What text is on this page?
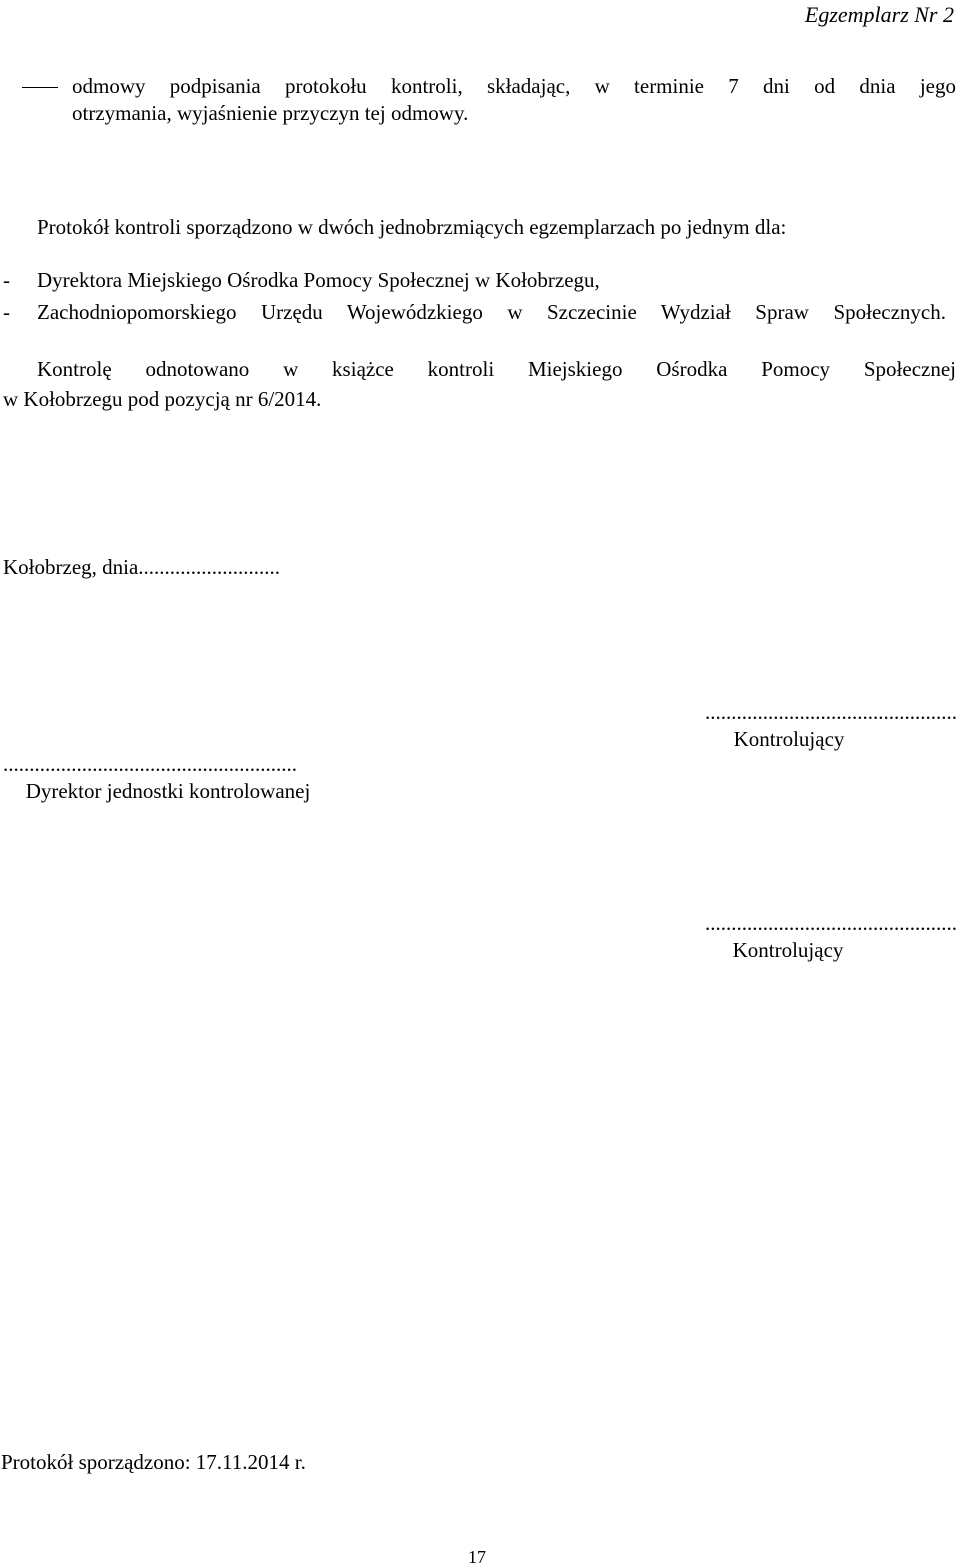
Egzemplarz Nr 2
odmowy podpisania protokołu kontroli, składając, w terminie 7 dni od dnia jego
otrzymania, wyjaśnienie przyczyn tej odmowy.
Protokół kontroli sporządzono w dwóch jednobrzmiących egzemplarzach po jednym dla:
- Dyrektora Miejskiego Ośrodka Pomocy Społecznej w Kołobrzegu,
- Zachodniopomorskiego Urzędu Wojewódzkiego w Szczecinie Wydział Spraw Społecznych.
Kontrolę odnotowano w książce kontroli Miejskiego Ośrodka Pomocy Społecznej
w Kołobrzegu pod pozycją nr 6/2014.
Kołobrzeg, dnia...........................
................................................
Kontrolujący
........................................................
Dyrektor jednostki kontrolowanej
................................................
Kontrolujący
Protokół sporządzono: 17.11.2014 r.
17
